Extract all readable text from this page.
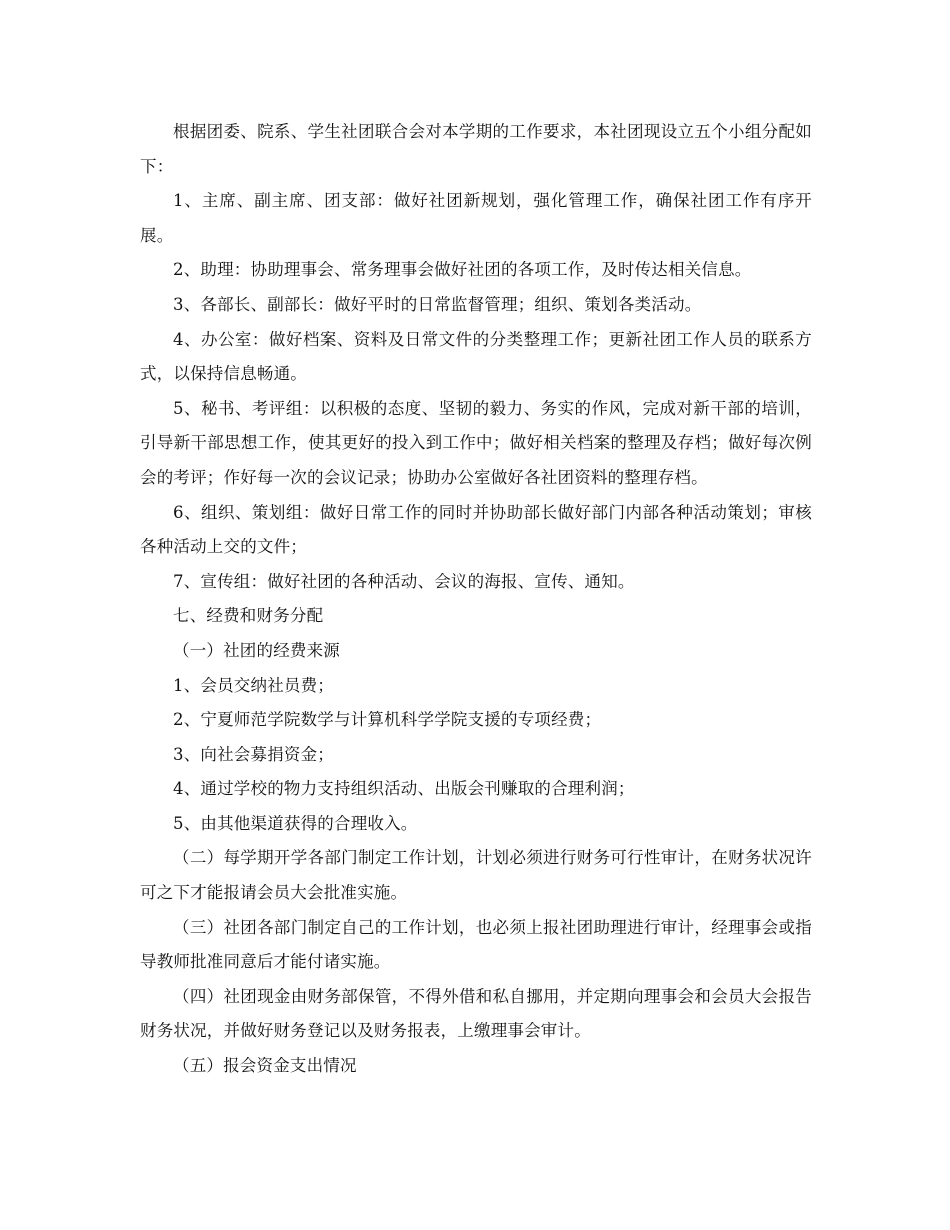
根据团委、院系、学生社团联合会对本学期的工作要求，本社团现设立五个小组分配如下：

1、主席、副主席、团支部：做好社团新规划，强化管理工作，确保社团工作有序开展。

2、助理：协助理事会、常务理事会做好社团的各项工作，及时传达相关信息。

3、各部长、副部长：做好平时的日常监督管理；组织、策划各类活动。

4、办公室：做好档案、资料及日常文件的分类整理工作；更新社团工作人员的联系方式，以保持信息畅通。

5、秘书、考评组：以积极的态度、坚韧的毅力、务实的作风，完成对新干部的培训，引导新干部思想工作，使其更好的投入到工作中；做好相关档案的整理及存档；做好每次例会的考评；作好每一次的会议记录；协助办公室做好各社团资料的整理存档。

6、组织、策划组：做好日常工作的同时并协助部长做好部门内部各种活动策划；审核各种活动上交的文件；

7、宣传组：做好社团的各种活动、会议的海报、宣传、通知。

七、经费和财务分配

（一）社团的经费来源

1、会员交纳社员费；

2、宁夏师范学院数学与计算机科学学院支援的专项经费；

3、向社会募捐资金；

4、通过学校的物力支持组织活动、出版会刊赚取的合理利润；

5、由其他渠道获得的合理收入。

（二）每学期开学各部门制定工作计划，计划必须进行财务可行性审计，在财务状况许可之下才能报请会员大会批准实施。

（三）社团各部门制定自己的工作计划，也必须上报社团助理进行审计，经理事会或指导教师批准同意后才能付诸实施。

（四）社团现金由财务部保管，不得外借和私自挪用，并定期向理事会和会员大会报告财务状况，并做好财务登记以及财务报表，上缴理事会审计。

（五）报会资金支出情况
